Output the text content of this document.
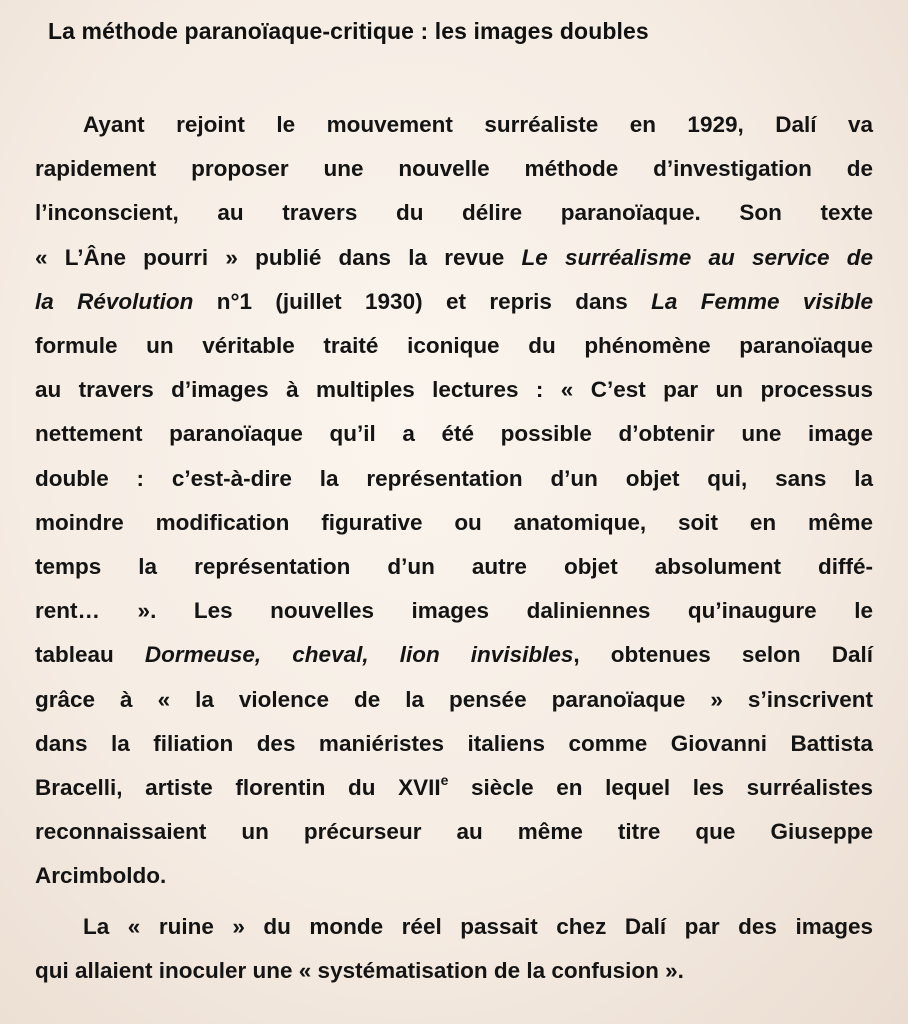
La méthode paranoïaque-critique : les images doubles
Ayant rejoint le mouvement surréaliste en 1929, Dalí va
rapidement proposer une nouvelle méthode d’investigation de
l’inconscient, au travers du délire paranoïaque. Son texte
« L’Âne pourri » publié dans la revue Le surréalisme au service de
la Révolution n°1 (juillet 1930) et repris dans La Femme visible
formule un véritable traité iconique du phénomène paranoïaque
au travers d’images à multiples lectures : « C’est par un processus
nettement paranoïaque qu’il a été possible d’obtenir une image
double : c’est-à-dire la représentation d’un objet qui, sans la
moindre modification figurative ou anatomique, soit en même
temps la représentation d’un autre objet absolument diffé-
rent… ». Les nouvelles images daliniennes qu’inaugure le
tableau Dormeuse, cheval, lion invisibles, obtenues selon Dalí
grâce à « la violence de la pensée paranoïaque » s’inscrivent
dans la filiation des maniéristes italiens comme Giovanni Battista
Bracelli, artiste florentin du XVIIe siècle en lequel les surréalistes
reconnaissaient un précurseur au même titre que Giuseppe
Arcimboldo.
La « ruine » du monde réel passait chez Dalí par des images
qui allaient inoculer une « systématisation de la confusion ».
